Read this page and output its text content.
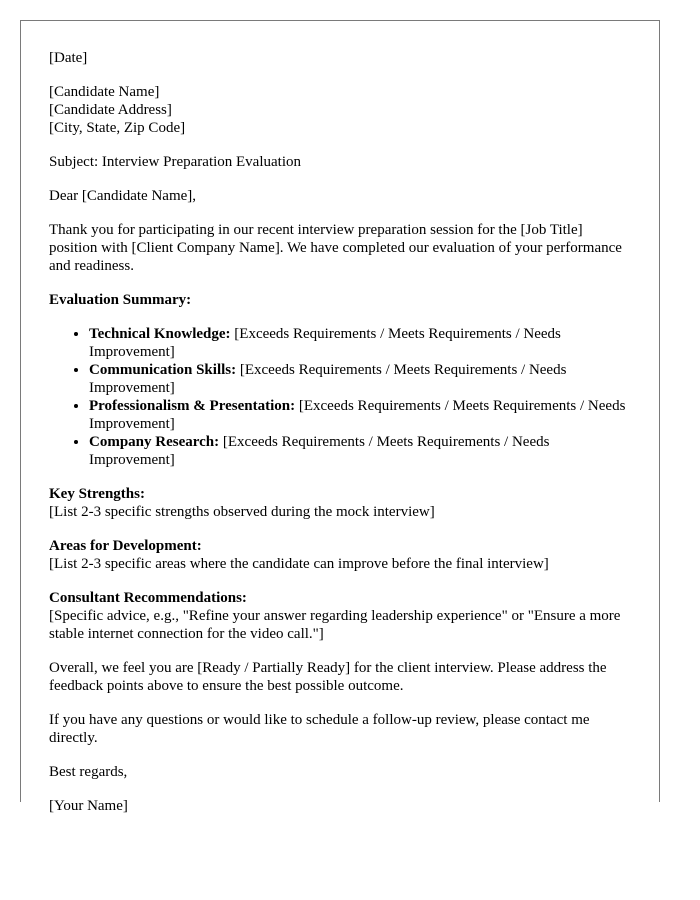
[Date]

[Candidate Name]
[Candidate Address]
[City, State, Zip Code]

Subject: Interview Preparation Evaluation

Dear [Candidate Name],

Thank you for participating in our recent interview preparation session for the [Job Title] position with [Client Company Name]. We have completed our evaluation of your performance and readiness.

Evaluation Summary:

• Technical Knowledge: [Exceeds Requirements / Meets Requirements / Needs Improvement]
• Communication Skills: [Exceeds Requirements / Meets Requirements / Needs Improvement]
• Professionalism & Presentation: [Exceeds Requirements / Meets Requirements / Needs Improvement]
• Company Research: [Exceeds Requirements / Meets Requirements / Needs Improvement]

Key Strengths:
[List 2-3 specific strengths observed during the mock interview]

Areas for Development:
[List 2-3 specific areas where the candidate can improve before the final interview]

Consultant Recommendations:
[Specific advice, e.g., "Refine your answer regarding leadership experience" or "Ensure a more stable internet connection for the video call."]

Overall, we feel you are [Ready / Partially Ready] for the client interview. Please address the feedback points above to ensure the best possible outcome.

If you have any questions or would like to schedule a follow-up review, please contact me directly.

Best regards,

[Your Name]
